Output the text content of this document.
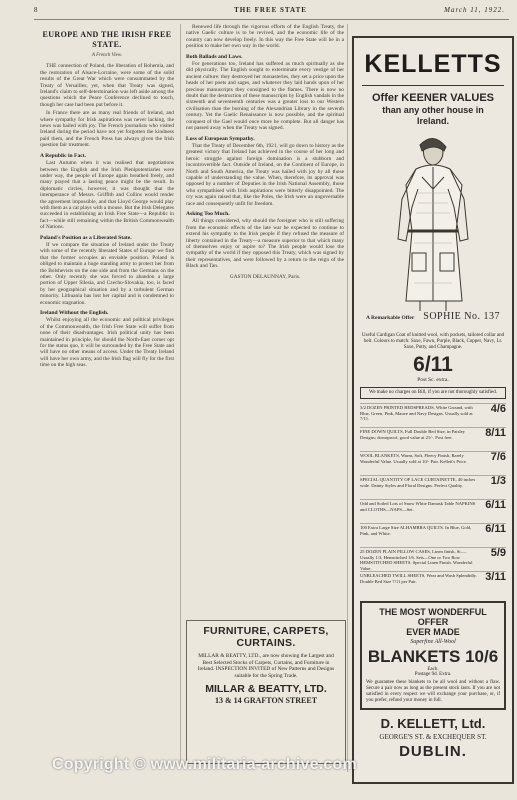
8	THE FREE STATE	March 11, 1922.
EUROPE AND THE IRISH FREE STATE.
A French View.

THE connection of Poland, the liberation of Bohemia, and the restoration of Alsace-Lorraine, were some of the solid results of the Great War which were consummated by the Treaty of Versailles; yet, when that Treaty was signed, Ireland's claim to self-determination was left aside among the questions which the Peace Conference declined to touch, though her case had been put before it.

In France there are as many real friends of Ireland, and where sympathy for Irish aspirations was never lacking, the news was hailed with joy. The French journalists who visited Ireland during the period have not yet forgotten the kindness paid them, and the French Press has always given the Irish question fair treatment.

A Republic in Fact.

Last Autumn when it was realised that negotiations between the English and the Irish Plenipotentiaries were under way, the people of Europe again breathed freely, and many prayed that a lasting peace might be the result. In diplomatic circles, however, it was thought that the intemperance of Messrs. Griffith and Collins would render the agreement impossible, and that Lloyd George would play with them as a cat plays with a mouse. But the Irish Delegates succeeded in establishing an Irish Free State—a Republic in fact—while still remaining within the British Commonwealth of Nations.

Poland's Position as a Liberated State.

If we compare the situation of Ireland under the Treaty with some of the recently liberated States of Europe we find that the former occupies an enviable position. Poland is obliged to maintain a huge standing army to protect her from the Bolshevists on the one side and from the Germans on the other. Only recently she was forced to abandon a large portion of Upper Silesia, and Czecho-Slovakia, too, is faced by her geographical situation and by a turbulent German minority. Lithuania has lost her capital and is condemned to economic stagnation.

Ireland Without the English.

Whilst enjoying all the economic and political privileges of the Commonwealth, the Irish Free State will suffer from none of their disadvantages. Irish political unity has been maintained in principle, for should the North-East corner opt for the status quo, it will be surrounded by the Free State and will have no other means of access. Under the Treaty Ireland will have her own army, and the Irish flag will fly for the first time on the high seas.

Renewed life through the vigorous efforts of the English Treaty, the native Gaelic culture is to be revived, and the economic life of the country can now develop freely. In this way the Free State will be in a position to make her own way in the world.

Both Ballads and Laws.

For generations too, Ireland has suffered as much spiritually as she did physically. The English sought to exterminate every vestige of her ancient culture: they destroyed her monasteries, they set a price upon the heads of her poets and sages, and whatever they laid hands upon of her precious manuscripts they consigned to the flames. There is now no doubt that the destruction of these manuscripts by English vandals in the sixteenth and seventeenth centuries was a greater loss to our Western civilisation than the burning of the Alexandrian Library in the seventh century. Yet the Gaelic Renaissance is now possible, and the spiritual conquest of the Gael would once more be complete. But all danger has not passed away when the Treaty was signed.

Loss of European Sympathy.

That the Treaty of December 6th, 1921, will go down to history as the greatest victory that Ireland has achieved in the course of her long and heroic struggle against foreign domination is a stubborn and incontrovertible fact. Outside of Ireland, on the Continent of Europe, in North and South America, the Treaty was hailed with joy by all those capable of understanding the value. When, therefore, its approval was opposed by a number of Deputies in the Irish National Assembly, those who sympathised with Irish aspirations were bitterly disappointed. The cry was again raised that, like the Poles, the Irish were an ungovernable race and consequently unfit for freedom.

Asking Too Much.

All things considered, why should the foreigner who is still suffering from the economic effects of the late war be expected to continue to extend his sympathy to the Irish people if they refused the measure of liberty contained in the Treaty—a measure superior to that which many of themselves enjoy or aspire to? The Irish people would lose the sympathy of the world if they opposed this Treaty, which was signed by their representatives, and were followed by a return to the reign of the Black and Tan.

GASTON DELAUNNAY, Paris.
FURNITURE, CARPETS,
CURTAINS.
MILLAR & BEATTY, LTD., are now showing the Largest and Best Selected Stocks of Carpets, Curtains, and Furniture in Ireland. INSPECTION INVITED of New Patterns and Designs suitable for the Spring Trade.
MILLAR & BEATTY, LTD.
13 & 14 GRAFTON STREET
KELLETTS
Offer KEENER VALUES
than any other house in
Ireland.
A Remarkable Offer SOPHIE No. 137
Useful Cardigan Coat of knitted wool, with pockets, tailored collar and belt. Colours to match: Saxe, Fawn, Purple, Black, Copper, Navy, Lt. Saxe, Putty, and Champagne.
6/11
Post Sc. extra.
We make no charges on Bill, if you are not thoroughly satisfied.
3/2 DOZEN PRINTED BEDSPREADS, White Ground, with Blue, Green, Pink, Mauve and Navy Designs. Usually sold at 7/11.
4/6
FINE DOWN QUILTS, Full Double Bed Size, in Paisley Designs; downproof, good value at 21/-. Post free.	8/11
WOOL BLANKETS, Warm, Soft, Fleecy Finish, Rarely Wonderful Value. Usually sold at 10/- Pair. Kellett's Price. 7/6
SPECIAL QUANTITY OF LACE CURTAINETTE, 40 inches wide. Dainty Styles and Floral Designs. Perfect Quality.	1/3
Odd and Soiled Lots of Snow White Damask Table NAPKINS and CLOTHS—NAPS—Set.	6/11
100 Extra Large Size ALHAMBRA QUILTS. In Blue, Gold, Pink, and White.	6/11
25 DOZEN PLAIN PILLOW CASES, Linen finish, St.—Usually 1/3, Hemstitched 1/6. Sets—One or Two Row HEMSTITCHED SHEETS. Special Linen Finish. Wonderful Value.
5/9
UNBLEACHED TWILL SHEETS, Wear and Wash Splendidly. Double Bed Size 7/11 per Pair.	3/11
THE MOST WONDERFUL OFFER
EVER MADE
Superfine All-Wool
BLANKETS 10/6
Each.
Postage 9d. Extra.
We guarantee these blankets to be all wool and without a flaw. Secure a pair now as long as the present stock lasts. If you are not satisfied in every respect we will exchange your purchase, or, if you prefer, refund your money in full.
D. KELLETT, Ltd.
GEORGE'S ST. & EXCHEQUER ST.
DUBLIN.
Copyright © www.militaria-archive.com
